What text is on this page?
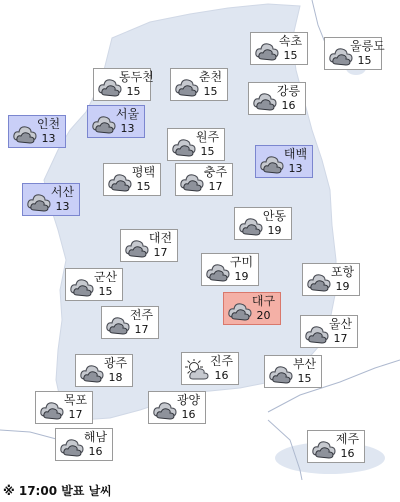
속초
15
울릉도
15
동두천
15
춘천
15	강릉
16
인천
13
서울
13
원주
15	태백
13
평택
15
충주
17
서산
13
안동
19
대전
17
구미
19
군산
15
포항
19
대구
20
전주
17	울산
17
광주
18
진주
16
부산
15
목포
17
광양
16
해남
16
제주
16
※ 17:00 발표 날씨
